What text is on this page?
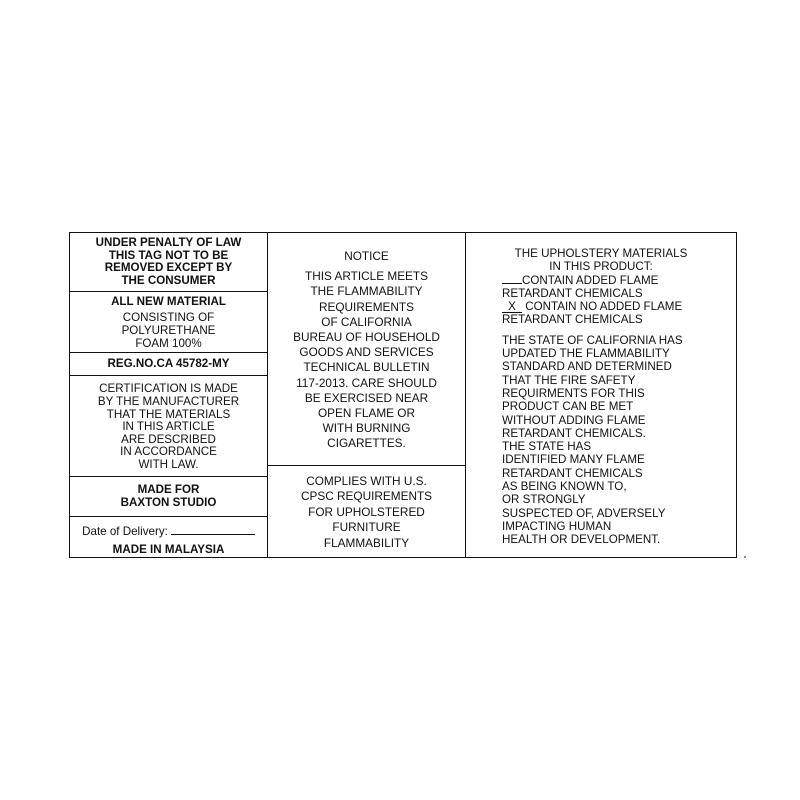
UNDER PENALTY OF LAW
THIS TAG NOT TO BE
REMOVED EXCEPT BY
THE CONSUMER
ALL NEW MATERIAL
CONSISTING OF
POLYURETHANE
FOAM 100%
REG.NO.CA 45782-MY
CERTIFICATION IS MADE
BY THE MANUFACTURER
THAT THE MATERIALS
IN THIS ARTICLE
ARE DESCRIBED
IN ACCORDANCE
WITH LAW.
MADE FOR
BAXTON STUDIO
Date of Delivery:
MADE IN MALAYSIA
NOTICE
THIS ARTICLE MEETS
THE FLAMMABILITY
REQUIREMENTS
OF CALIFORNIA
BUREAU OF HOUSEHOLD
GOODS AND SERVICES
TECHNICAL BULLETIN
117-2013. CARE SHOULD
BE EXERCISED NEAR
OPEN FLAME OR
WITH BURNING
CIGARETTES.
COMPLIES WITH U.S.
CPSC REQUIREMENTS
FOR UPHOLSTERED
FURNITURE
FLAMMABILITY
THE UPHOLSTERY MATERIALS
IN THIS PRODUCT:
CONTAIN ADDED FLAME
RETARDANT CHEMICALS
X CONTAIN NO ADDED FLAME
RETARDANT CHEMICALS
THE STATE OF CALIFORNIA HAS
UPDATED THE FLAMMABILITY
STANDARD AND DETERMINED
THAT THE FIRE SAFETY
REQUIRMENTS FOR THIS
PRODUCT CAN BE MET
WITHOUT ADDING FLAME
RETARDANT CHEMICALS.
THE STATE HAS
IDENTIFIED MANY FLAME
RETARDANT CHEMICALS
AS BEING KNOWN TO,
OR STRONGLY
SUSPECTED OF, ADVERSELY
IMPACTING HUMAN
HEALTH OR DEVELOPMENT.
